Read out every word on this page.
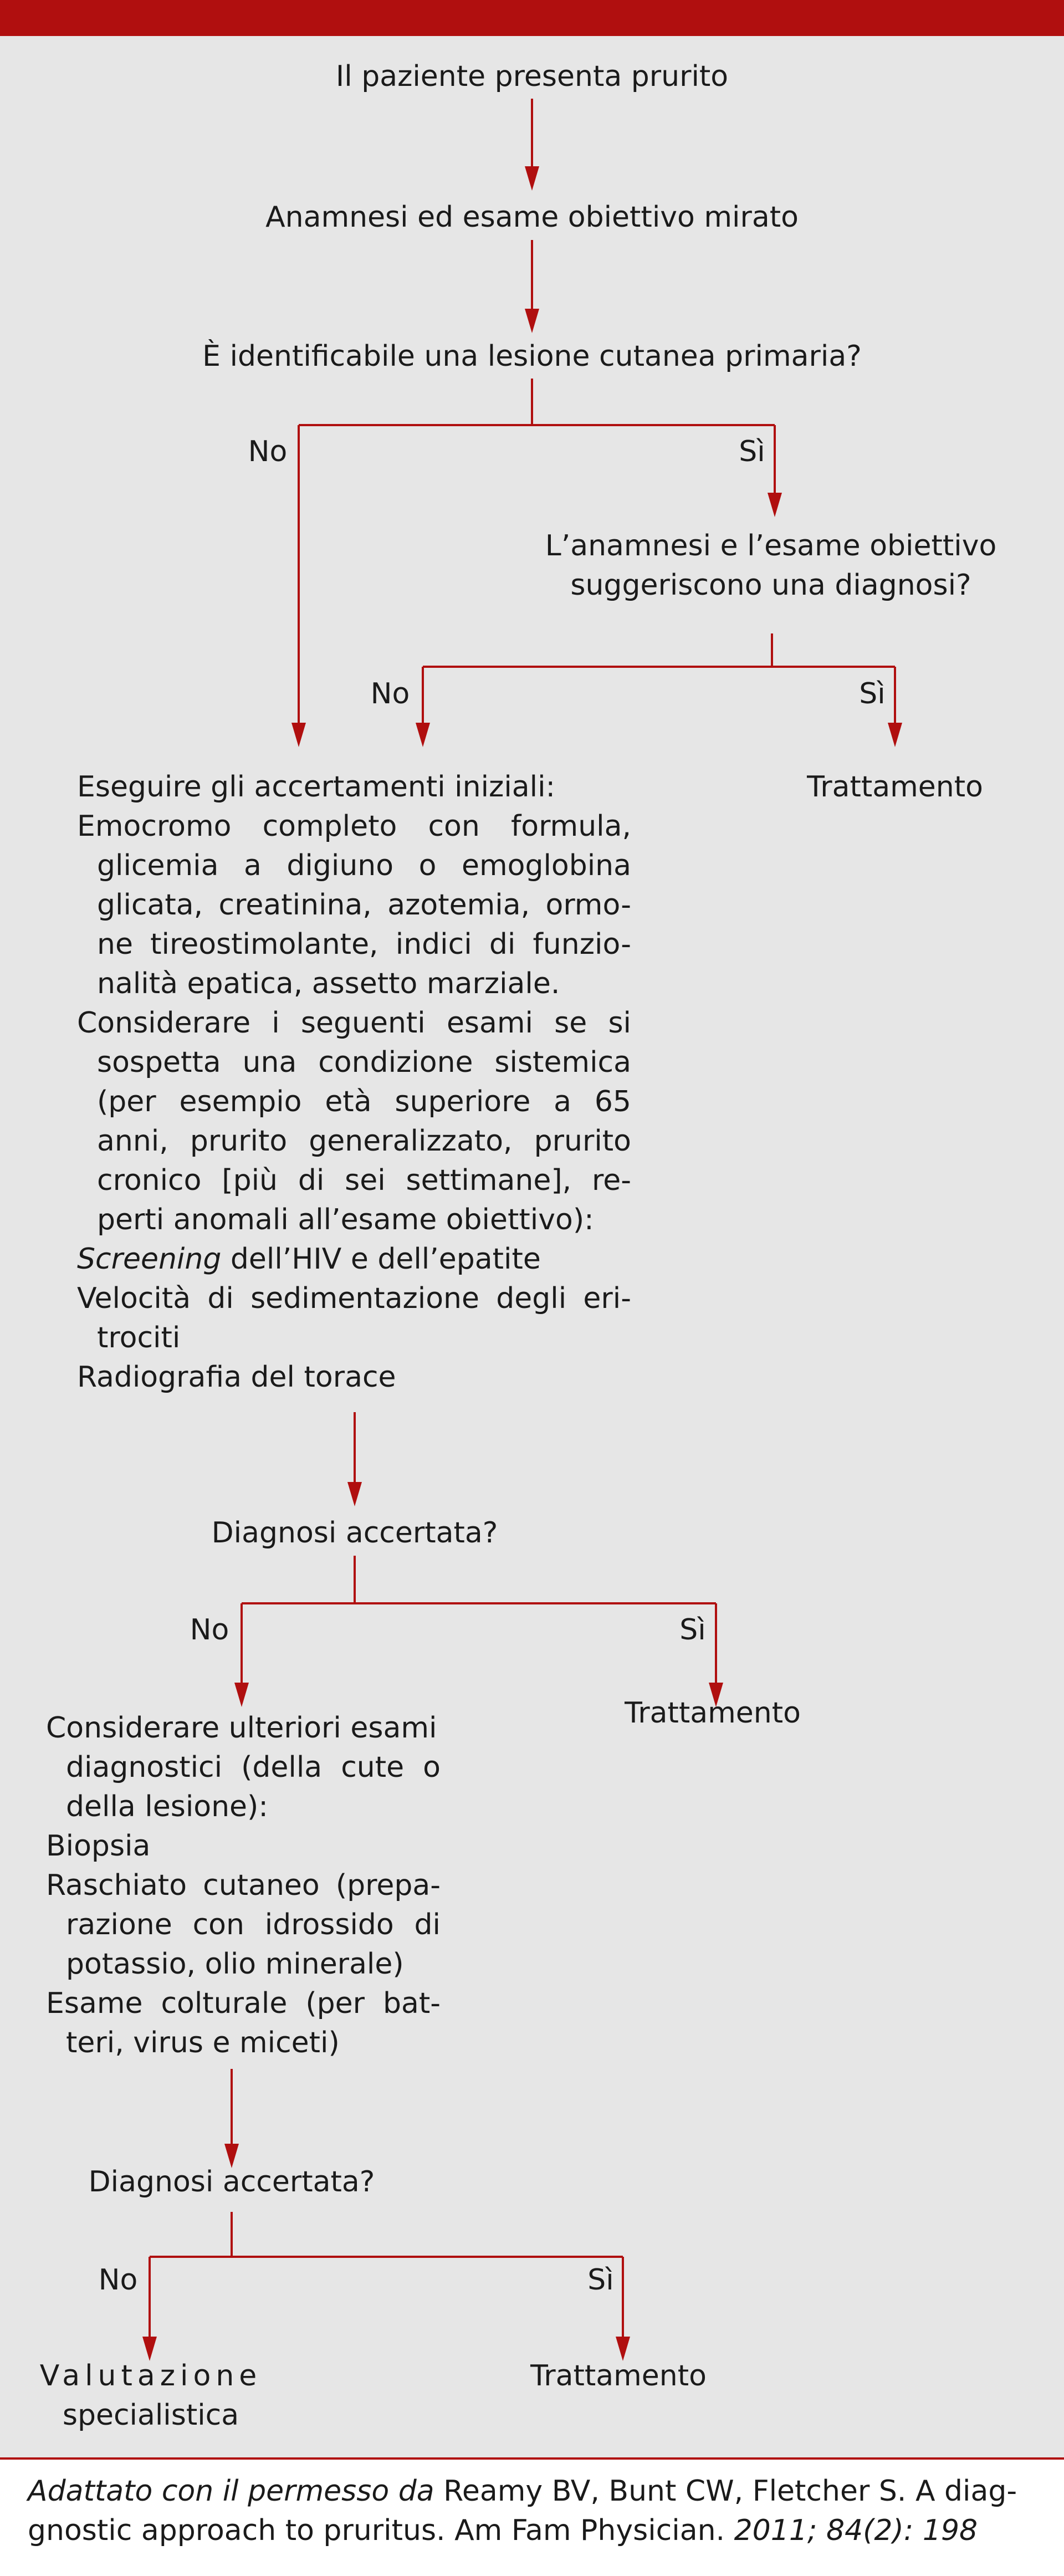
Il paziente presenta prurito
Anamnesi ed esame obiettivo mirato
È identificabile una lesione cutanea primaria?
No	Sì
L’anamnesi e l’esame obiettivo
suggeriscono una diagnosi?
No	Sì
Trattamento
Eseguire gli accertamenti iniziali:
Emocromo completo con formula,
glicemia a digiuno o emoglobina
glicata, creatinina, azotemia, ormo-
ne tireostimolante, indici di funzio-
nalità epatica, assetto marziale.
Considerare i seguenti esami se si
sospetta una condizione sistemica
(per esempio età superiore a 65
anni, prurito generalizzato, prurito
cronico [più di sei settimane], re-
perti anomali all’esame obiettivo):
Screening dell’HIV e dell’epatite
Velocità di sedimentazione degli eri-
trociti
Radiografia del torace
Diagnosi accertata?
No	Sì
Trattamento
Considerare ulteriori esami
diagnostici (della cute o
della lesione):
Biopsia
Raschiato cutaneo (prepa-
razione con idrossido di
potassio, olio minerale)
Esame colturale (per bat-
teri, virus e miceti)
Diagnosi accertata?
No	Sì
Valutazione
specialistica
Trattamento
Adattato con il permesso da Reamy BV, Bunt CW, Fletcher S. A diag-
gnostic approach to pruritus. Am Fam Physician. 2011; 84(2): 198
